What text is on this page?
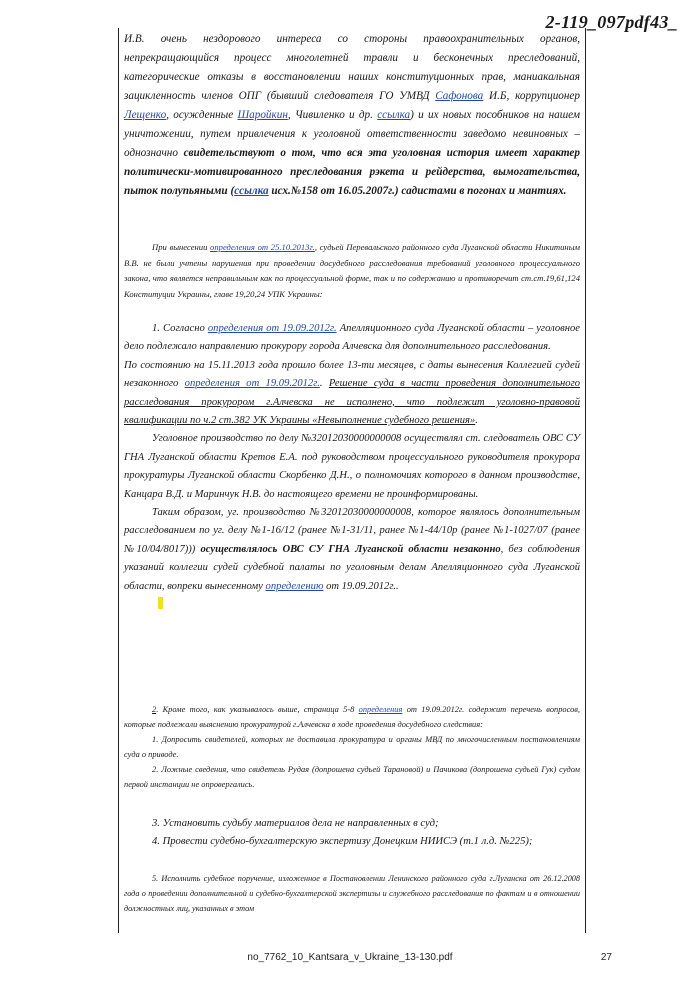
2-119_097pdf43_

И.В. очень нездорового интереса со стороны правоохранительных органов, непрекращающийся процесс многолетней травли и бесконечных преследований, категорические отказы в восстановлении наших конституционных прав, маниакальная зацикленность членов ОПГ (бывший следователя ГО УМВД Сафонова И.Б, коррупционер Лещенко, осужденные Шаройкин, Чивиленко и др. ссылка) и их новых пособников на нашем уничтожении, путем привлечения к уголовной ответственности заведомо невиновных – однозначно свидетельствуют о том, что вся эта уголовная история имеет характер политически-мотивированного преследования рэкета и рейдерства, вымогательства, пыток полупьяными (ссылка исх.№158 от 16.05.2007г.) садистами в погонах и мантиях.

При вынесении определения от 25.10.2013г., судьей Перевальского районного суда Луганской области Никитиным В.В. не были учтены нарушения при проведении досудебного расследования требований уголовного процессуального закона, что является неправильным как по процессуальной форме, так и по содержанию и противоречит ст.ст.19,61,124 Конституции Украины, главе 19,20,24 УПК Украины:

1. Согласно определения от 19.09.2012г. Апелляционного суда Луганской области – уголовное дело подлежало направлению прокурору города Алчевска для дополнительного расследования.

По состоянию на 15.11.2013 года прошло более 13-ти месяцев, с даты вынесения Коллегией судей незаконного определения от 19.09.2012г.. Решение суда в части проведения дополнительного расследования прокурором г.Алчевска не исполнено, что подлежит уголовно-правовой квалификации по ч.2 ст.382 УК Украины «Невыполнение судебного решения».

Уголовное производство по делу №32012030000000008 осуществлял ст. следователь ОВС СУ ГНА Луганской области Кретов Е.А. под руководством процессуального руководителя прокурора прокуратуры Луганской области Скорбенко Д.Н., о полномочиях которого в данном производстве, Канцара В.Д. и Маринчук Н.В. до настоящего времени не проинформированы.

Таким образом, уг. производство №32012030000000008, которое являлось дополнительным расследованием по уг. делу №1-16/12 (ранее №1-31/11, ранее №1-44/10р (ранее №1-1027/07 (ранее №10/04/8017))) осуществлялось ОВС СУ ГНА Луганской области незаконно, без соблюдения указаний коллегии судей судебной палаты по уголовным делам Апелляционного суда Луганской области, вопреки вынесенному определению от 19.09.2012г..

2. Кроме того, как указывалось выше, страница 5-8 определения от 19.09.2012г. содержит перечень вопросов, которые подлежали выяснению прокуратурой г.Алчевска в ходе проведения досудебного следствия:

1. Допросить свидетелей, которых не доставила прокуратура и органы МВД по многочисленным постановлениям суда о приводе.

2. Ложные сведения, что свидетель Рудая (допрошена судьей Тарановой) и Пачикова (допрошена судьей Гук) судом первой инстанции не опровергались.

3. Установить судьбу материалов дела не направленных в суд;

4. Провести судебно-бухгалтерскую экспертизу Донецким НИИСЭ (т.1 л.д. №225);

5. Исполнить судебное поручение, изложенное в Постановлении Ленинского районного суда г.Луганска от 26.12.2008 года о проведении дополнительной и судебно-бухгалтерской экспертизы и служебного расследования по фактам и в отношении должностных лиц, указанных в этом

no_7762_10_Kantsara_v_Ukraine_13-130.pdf	27
